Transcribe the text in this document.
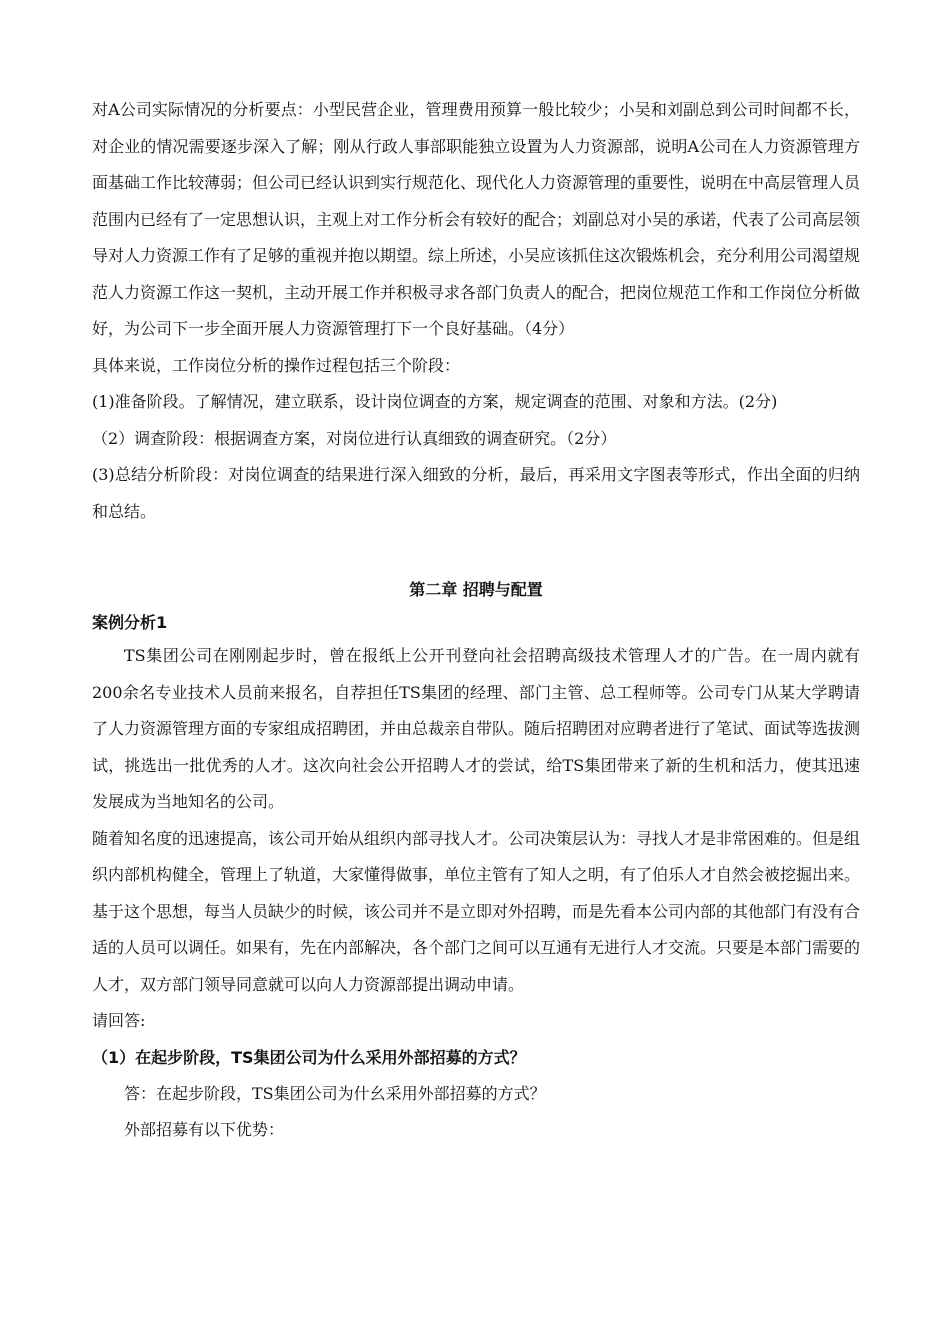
对A公司实际情况的分析要点：小型民营企业，管理费用预算一般比较少；小吴和刘副总到公司时间都不长，对企业的情况需要逐步深入了解；刚从行政人事部职能独立设置为人力资源部，说明A公司在人力资源管理方面基础工作比较薄弱；但公司已经认识到实行规范化、现代化人力资源管理的重要性，说明在中高层管理人员范围内已经有了一定思想认识，主观上对工作分析会有较好的配合；刘副总对小吴的承诺，代表了公司高层领导对人力资源工作有了足够的重视并抱以期望。综上所述，小吴应该抓住这次锻炼机会，充分利用公司渴望规范人力资源工作这一契机，主动开展工作并积极寻求各部门负责人的配合，把岗位规范工作和工作岗位分析做好，为公司下一步全面开展人力资源管理打下一个良好基础。（4分）

具体来说，工作岗位分析的操作过程包括三个阶段：

(1)准备阶段。了解情况，建立联系，设计岗位调查的方案，规定调查的范围、对象和方法。(2分)

（2）调查阶段：根据调查方案，对岗位进行认真细致的调查研究。（2分）

(3)总结分析阶段：对岗位调查的结果进行深入细致的分析，最后，再采用文字图表等形式，作出全面的归纳和总结。

第二章 招聘与配置

案例分析1

TS集团公司在刚刚起步时，曾在报纸上公开刊登向社会招聘高级技术管理人才的广告。在一周内就有200余名专业技术人员前来报名，自荐担任TS集团的经理、部门主管、总工程师等。公司专门从某大学聘请了人力资源管理方面的专家组成招聘团，并由总裁亲自带队。随后招聘团对应聘者进行了笔试、面试等选拔测试，挑选出一批优秀的人才。这次向社会公开招聘人才的尝试，给TS集团带来了新的生机和活力，使其迅速发展成为当地知名的公司。

随着知名度的迅速提高，该公司开始从组织内部寻找人才。公司决策层认为：寻找人才是非常困难的。但是组织内部机构健全，管理上了轨道，大家懂得做事，单位主管有了知人之明，有了伯乐人才自然会被挖掘出来。基于这个思想，每当人员缺少的时候，该公司并不是立即对外招聘，而是先看本公司内部的其他部门有没有合适的人员可以调任。如果有，先在内部解决，各个部门之间可以互通有无进行人才交流。只要是本部门需要的人才，双方部门领导同意就可以向人力资源部提出调动申请。

请回答:

（1）在起步阶段，TS集团公司为什么采用外部招募的方式？

答：在起步阶段，TS集团公司为什幺采用外部招募的方式？

外部招募有以下优势：
